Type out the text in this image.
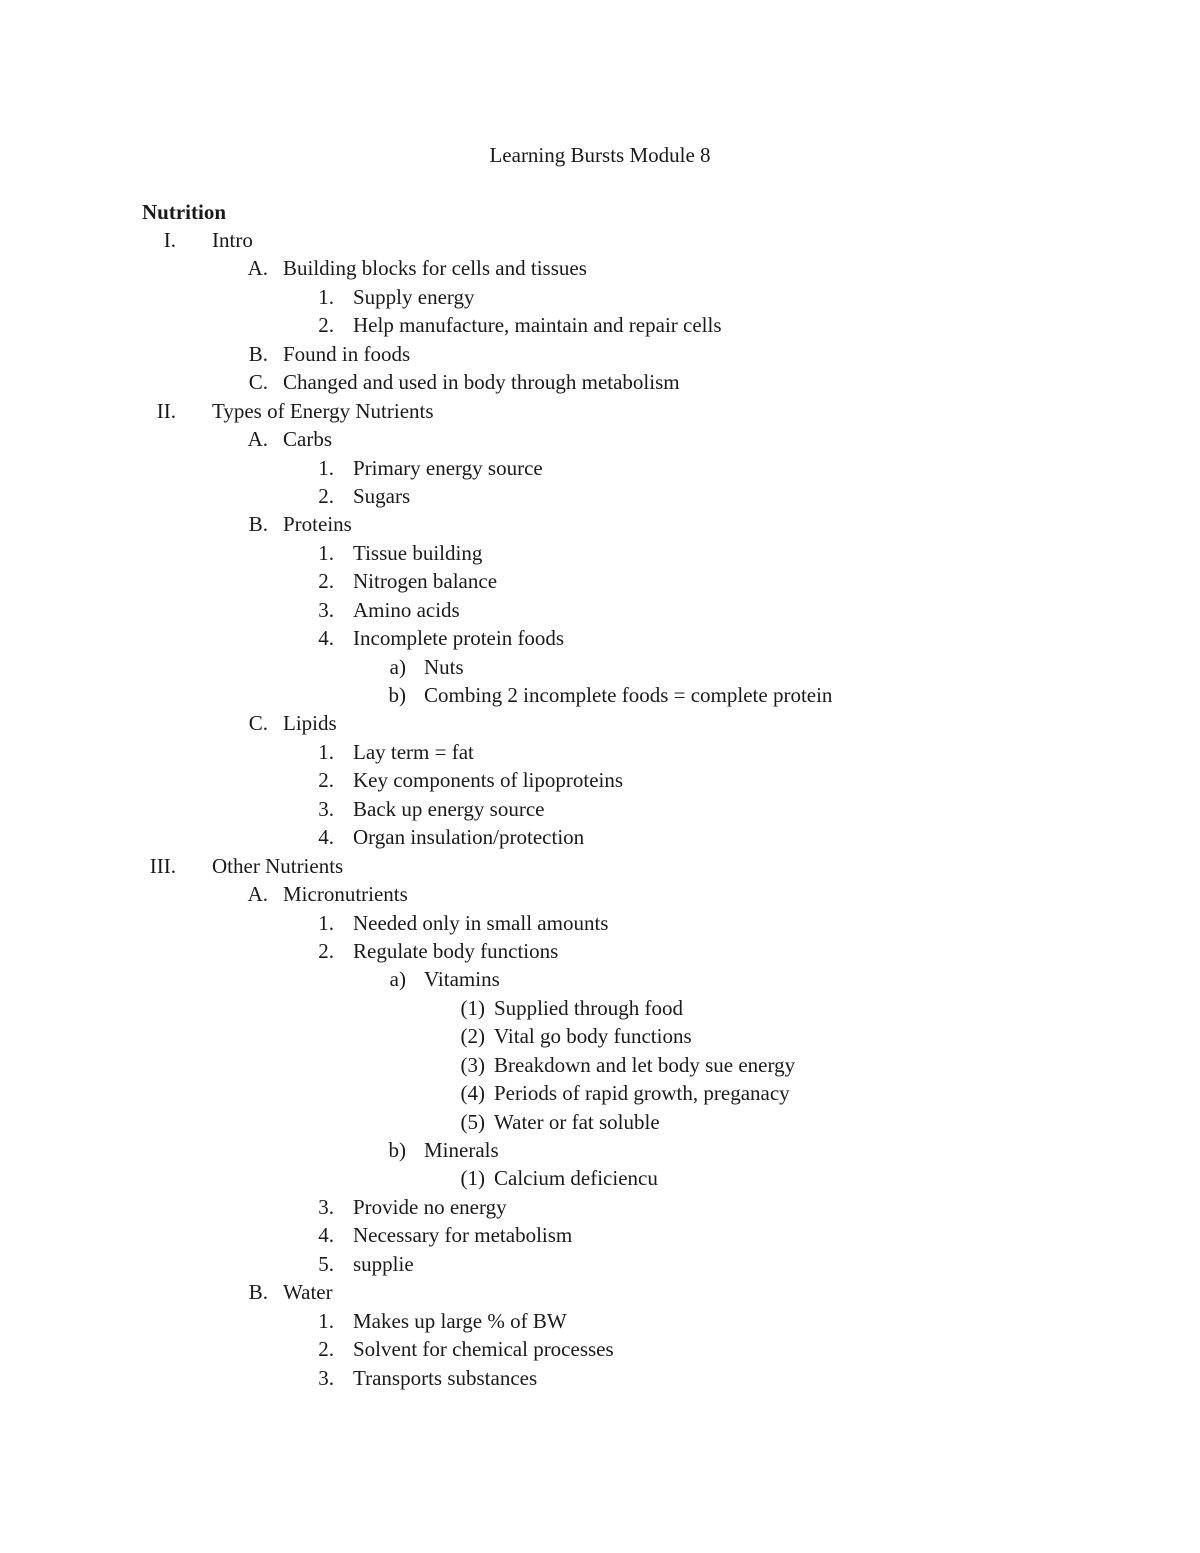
Learning Bursts Module 8
Nutrition
I. Intro
A. Building blocks for cells and tissues
1. Supply energy
2. Help manufacture, maintain and repair cells
B. Found in foods
C. Changed and used in body through metabolism
II. Types of Energy Nutrients
A. Carbs
1. Primary energy source
2. Sugars
B. Proteins
1. Tissue building
2. Nitrogen balance
3. Amino acids
4. Incomplete protein foods
a) Nuts
b) Combing 2 incomplete foods = complete protein
C. Lipids
1. Lay term = fat
2. Key components of lipoproteins
3. Back up energy source
4. Organ insulation/protection
III. Other Nutrients
A. Micronutrients
1. Needed only in small amounts
2. Regulate body functions
a) Vitamins
(1) Supplied through food
(2) Vital go body functions
(3) Breakdown and let body sue energy
(4) Periods of rapid growth, preganacy
(5) Water or fat soluble
b) Minerals
(1) Calcium deficiencu
3. Provide no energy
4. Necessary for metabolism
5. supplie
B. Water
1. Makes up large % of BW
2. Solvent for chemical processes
3. Transports substances
